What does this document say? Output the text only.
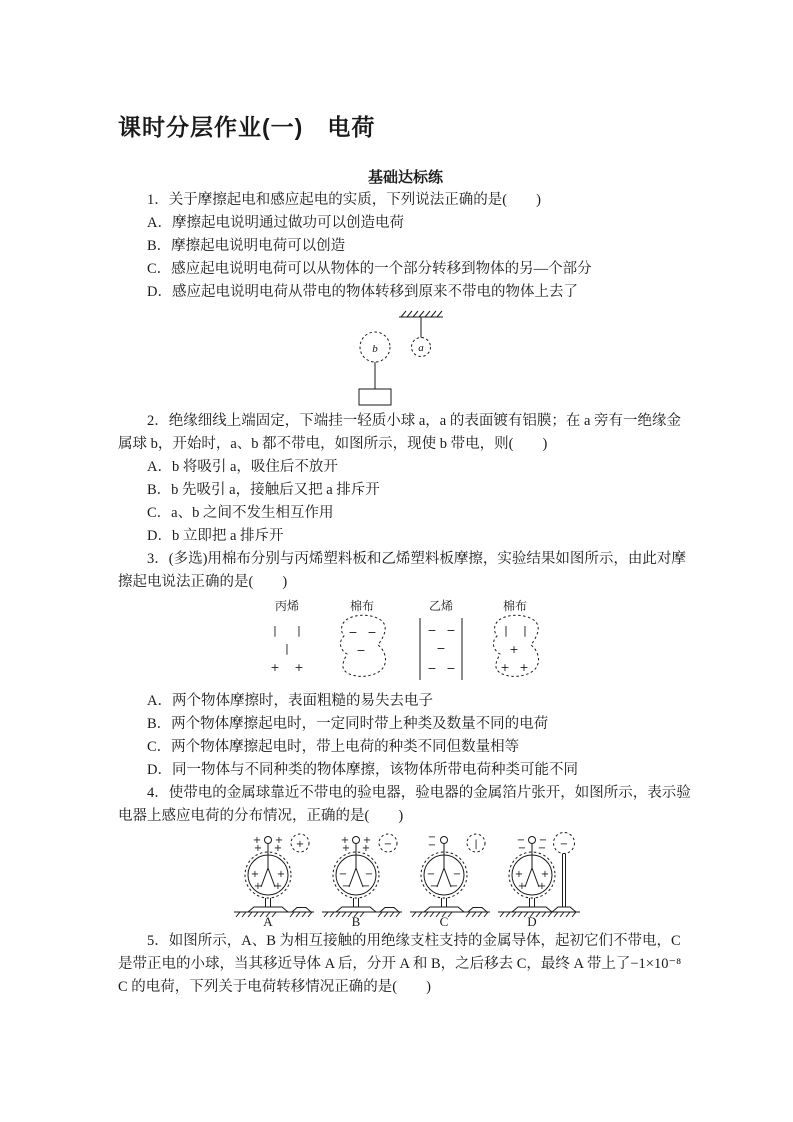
课时分层作业(一)　电荷
基础达标练

1．关于摩擦起电和感应起电的实质，下列说法正确的是(　　)

A．摩擦起电说明通过做功可以创造电荷

B．摩擦起电说明电荷可以创造

C．感应起电说明电荷可以从物体的一个部分转移到物体的另—个部分

D．感应起电说明电荷从带电的物体转移到原来不带电的物体上去了

a
b

2．绝缘细线上端固定，下端挂一轻质小球 a，a 的表面镀有铝膜；在 a 旁有一绝缘金属球 b，开始时，a、b 都不带电，如图所示，现使 b 带电，则(　　)

A．b 将吸引 a，吸住后不放开

B．b 先吸引 a，接触后又把 a 排斥开

C．a、b 之间不发生相互作用

D．b 立即把 a 排斥开

3．(多选)用棉布分别与丙烯塑料板和乙烯塑料板摩擦，实验结果如图所示，由此对摩擦起电说法正确的是(　　)

丙烯
| |
|
+ +
棉布
− −
−
乙烯
− −
−
− −
棉布
| |
+
+ +

A．两个物体摩擦时，表面粗糙的易失去电子

B．两个物体摩擦起电时，一定同时带上种类及数量不同的电荷

C．两个物体摩擦起电时，带上电荷的种类不同但数量相等

D．同一物体与不同种类的物体摩擦，该物体所带电荷种类可能不同

4．使带电的金属球靠近不带电的验电器，验电器的金属箔片张开，如图所示，表示验电器上感应电荷的分布情况，正确的是(　　)

+ +
+ +
+ +
+ +
+
A
+ +
+ +
− −
− −
−
B
−
−
− −
− −
|
C
− −
− −
+ +
+ +
−
D

5．如图所示，A、B 为相互接触的用绝缘支柱支持的金属导体，起初它们不带电，C 是带正电的小球，当其移近导体 A 后，分开 A 和 B，之后移去 C，最终 A 带上了−1×10⁻⁸ C 的电荷，下列关于电荷转移情况正确的是(　　)
